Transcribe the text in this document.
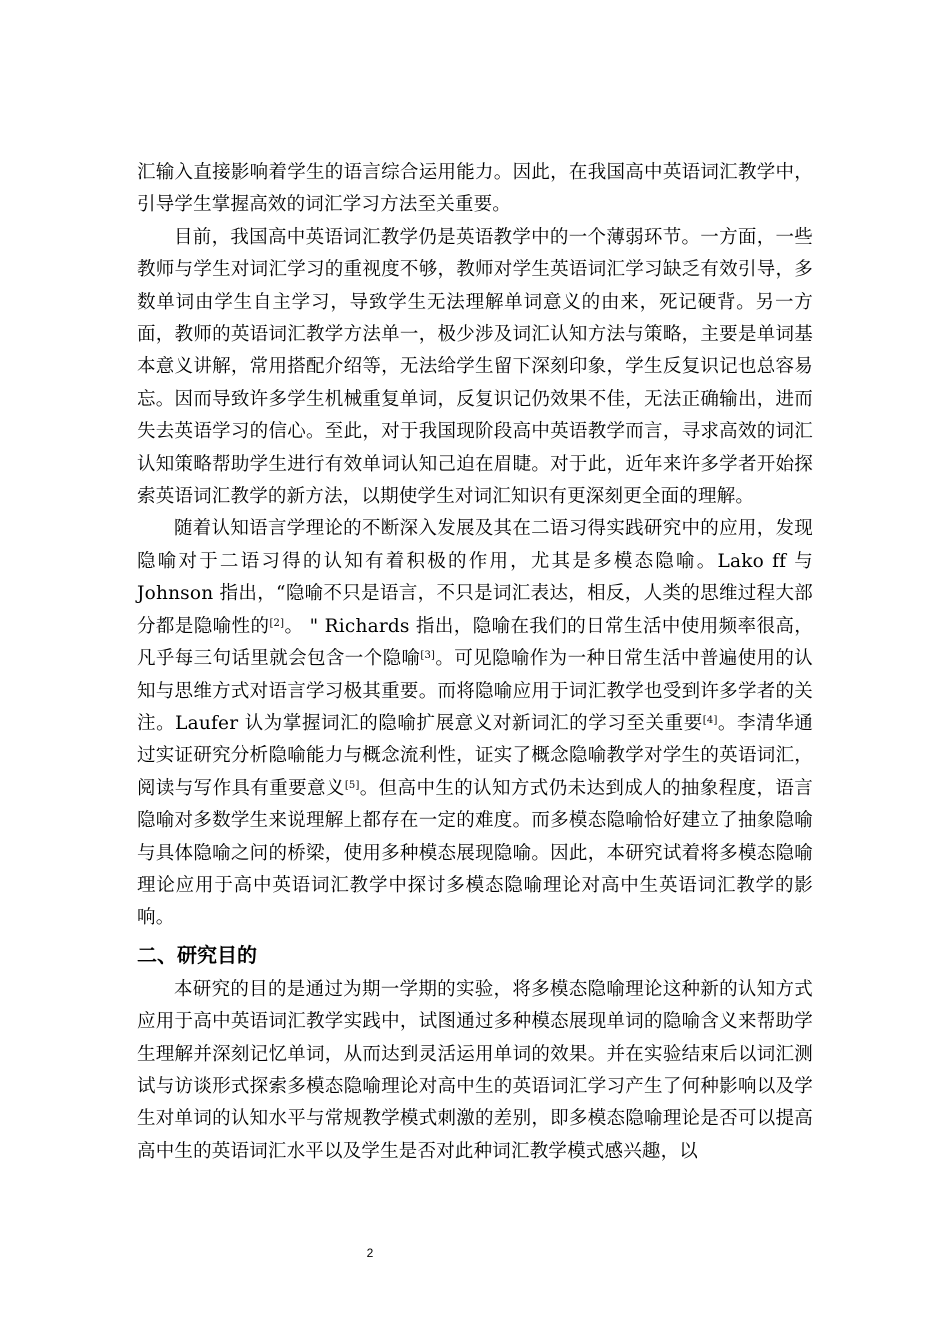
汇输入直接影响着学生的语言综合运用能力。因此，在我国高中英语词汇教学中，引导学生掌握高效的词汇学习方法至关重要。

目前，我国高中英语词汇教学仍是英语教学中的一个薄弱环节。一方面，一些教师与学生对词汇学习的重视度不够，教师对学生英语词汇学习缺乏有效引导，多数单词由学生自主学习，导致学生无法理解单词意义的由来，死记硬背。另一方面，教师的英语词汇教学方法单一，极少涉及词汇认知方法与策略，主要是单词基本意义讲解，常用搭配介绍等，无法给学生留下深刻印象，学生反复识记也总容易忘。因而导致许多学生机械重复单词，反复识记仍效果不佳，无法正确输出，进而失去英语学习的信心。至此，对于我国现阶段高中英语教学而言，寻求高效的词汇认知策略帮助学生进行有效单词认知己迫在眉睫。对于此，近年来许多学者开始探索英语词汇教学的新方法，以期使学生对词汇知识有更深刻更全面的理解。

随着认知语言学理论的不断深入发展及其在二语习得实践研究中的应用，发现隐喻对于二语习得的认知有着积极的作用，尤其是多模态隐喻。Lako ff 与 Johnson 指出，“隐喻不只是语言，不只是词汇表达，相反，人类的思维过程大部分都是隐喻性的[2]。 " Richards 指出，隐喻在我们的日常生活中使用频率很高，凡乎每三句话里就会包含一个隐喻[3]。可见隐喻作为一种日常生活中普遍使用的认知与思维方式对语言学习极其重要。而将隐喻应用于词汇教学也受到许多学者的关注。Laufer 认为掌握词汇的隐喻扩展意义对新词汇的学习至关重要[4]。李清华通过实证研究分析隐喻能力与概念流利性，证实了概念隐喻教学对学生的英语词汇，阅读与写作具有重要意义[5]。但高中生的认知方式仍未达到成人的抽象程度，语言隐喻对多数学生来说理解上都存在一定的难度。而多模态隐喻恰好建立了抽象隐喻与具体隐喻之问的桥梁，使用多种模态展现隐喻。因此，本研究试着将多模态隐喻理论应用于高中英语词汇教学中探讨多模态隐喻理论对高中生英语词汇教学的影响。

二、研究目的

本研究的目的是通过为期一学期的实验，将多模态隐喻理论这种新的认知方式应用于高中英语词汇教学实践中，试图通过多种模态展现单词的隐喻含义来帮助学生理解并深刻记忆单词，从而达到灵活运用单词的效果。并在实验结束后以词汇测试与访谈形式探索多模态隐喻理论对高中生的英语词汇学习产生了何种影响以及学生对单词的认知水平与常规教学模式刺激的差别，即多模态隐喻理论是否可以提高高中生的英语词汇水平以及学生是否对此种词汇教学模式感兴趣，以

2
